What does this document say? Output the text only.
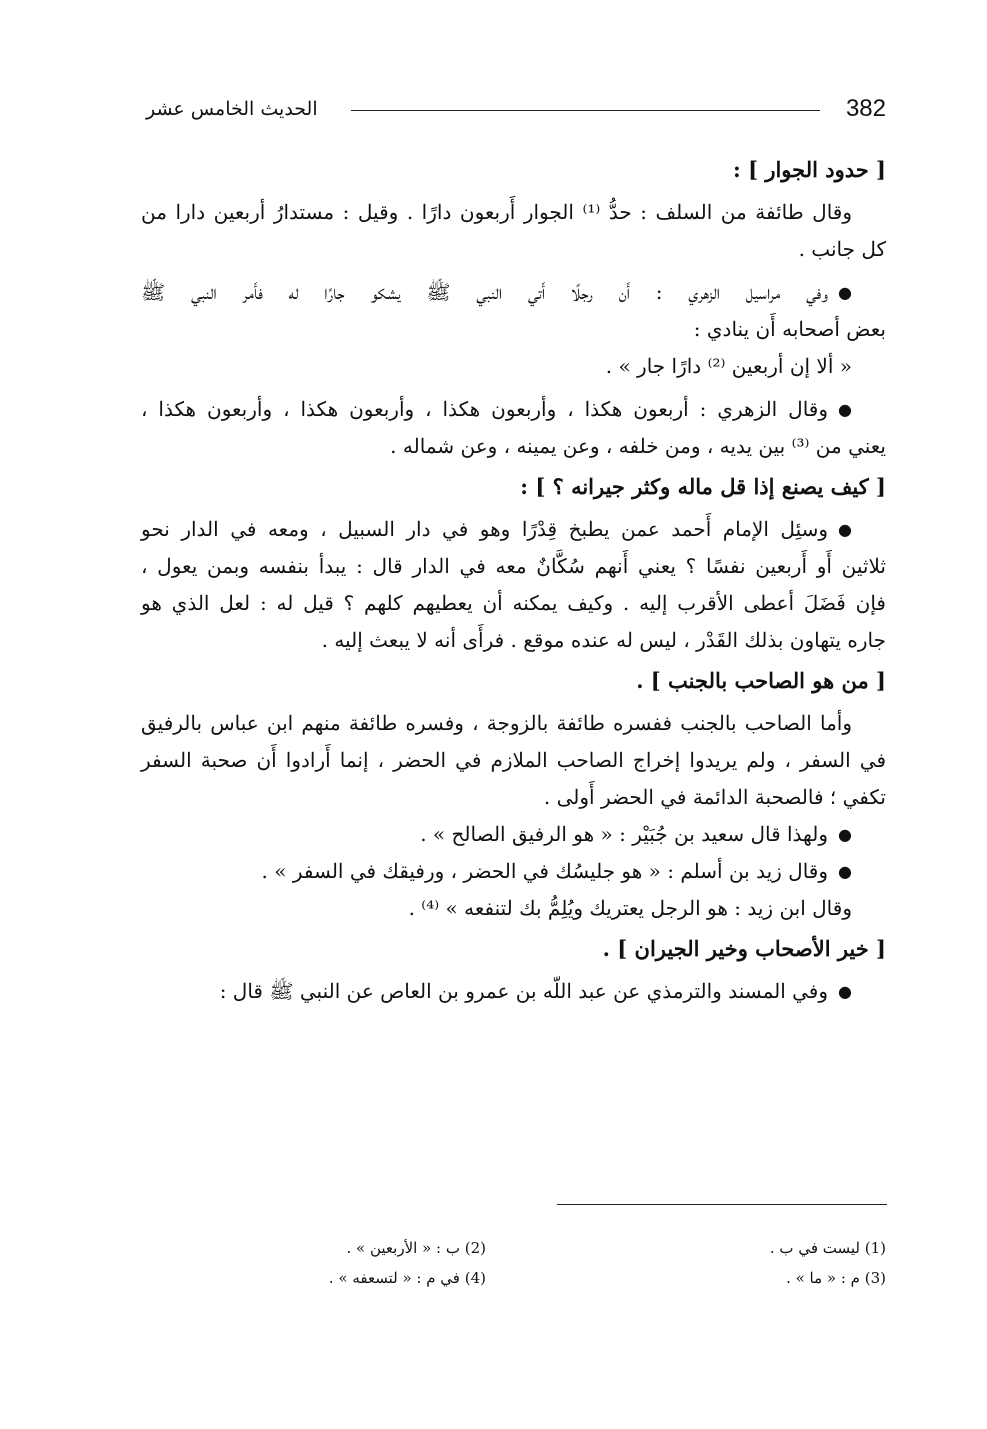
382
الحديث الخامس عشر
[ حدود الجوار ] :
وقال طائفة من السلف : حدُّ ⁽¹⁾ الجوار أَربعون دارًا . وقيل : مستدارُ أربعين دارا من
كل جانب .
●وفي مراسيل الزهري : أَن رجلًا أَتي النبي ﷺ يشكو جارًا له فأَمر النبي ﷺ
بعض أصحابه أَن ينادي :
« ألا إن أربعين ⁽²⁾ دارًا جار » .
●وقال الزهري : أربعون هكذا ، وأربعون هكذا ، وأربعون هكذا ، وأربعون هكذا ،
يعني من ⁽³⁾ بين يديه ، ومن خلفه ، وعن يمينه ، وعن شماله .
[ كيف يصنع إذا قل ماله وكثر جيرانه ؟ ] :
●وسئِل الإمام أَحمد عمن يطبخ قِدْرًا وهو في دار السبيل ، ومعه في الدار نحو
ثلاثين أَو أَربعين نفسًا ؟ يعني أَنهم سُكَّانٌ معه في الدار قال : يبدأ بنفسه وبمن يعول ،
فإن فَضَلَ أعطى الأقرب إليه . وكيف يمكنه أن يعطيهم كلهم ؟ قيل له : لعل الذي هو
جاره يتهاون بذلك القَدْر ، ليس له عنده موقع . فرأَى أنه لا يبعث إليه .
[ من هو الصاحب بالجنب ] .
وأما الصاحب بالجنب ففسره طائفة بالزوجة ، وفسره طائفة منهم ابن عباس بالرفيق
في السفر ، ولم يريدوا إخراج الصاحب الملازم في الحضر ، إنما أَرادوا أَن صحبة السفر
تكفي ؛ فالصحبة الدائمة في الحضر أَولى .
●ولهذا قال سعيد بن جُبَيْر : « هو الرفيق الصالح » .
●وقال زيد بن أسلم : « هو جليسُك في الحضر ، ورفيقك في السفر » .
وقال ابن زيد : هو الرجل يعتريك ويُلِمُّ بك لتنفعه » ⁽⁴⁾ .
[ خير الأصحاب وخير الجيران ] .
●وفي المسند والترمذي عن عبد اللّه بن عمرو بن العاص عن النبي ﷺ قال :
(1) ليست في ب .
(2) ب : « الأربعين » .
(3) م : « ما » .
(4) في م : « لتسعفه » .
